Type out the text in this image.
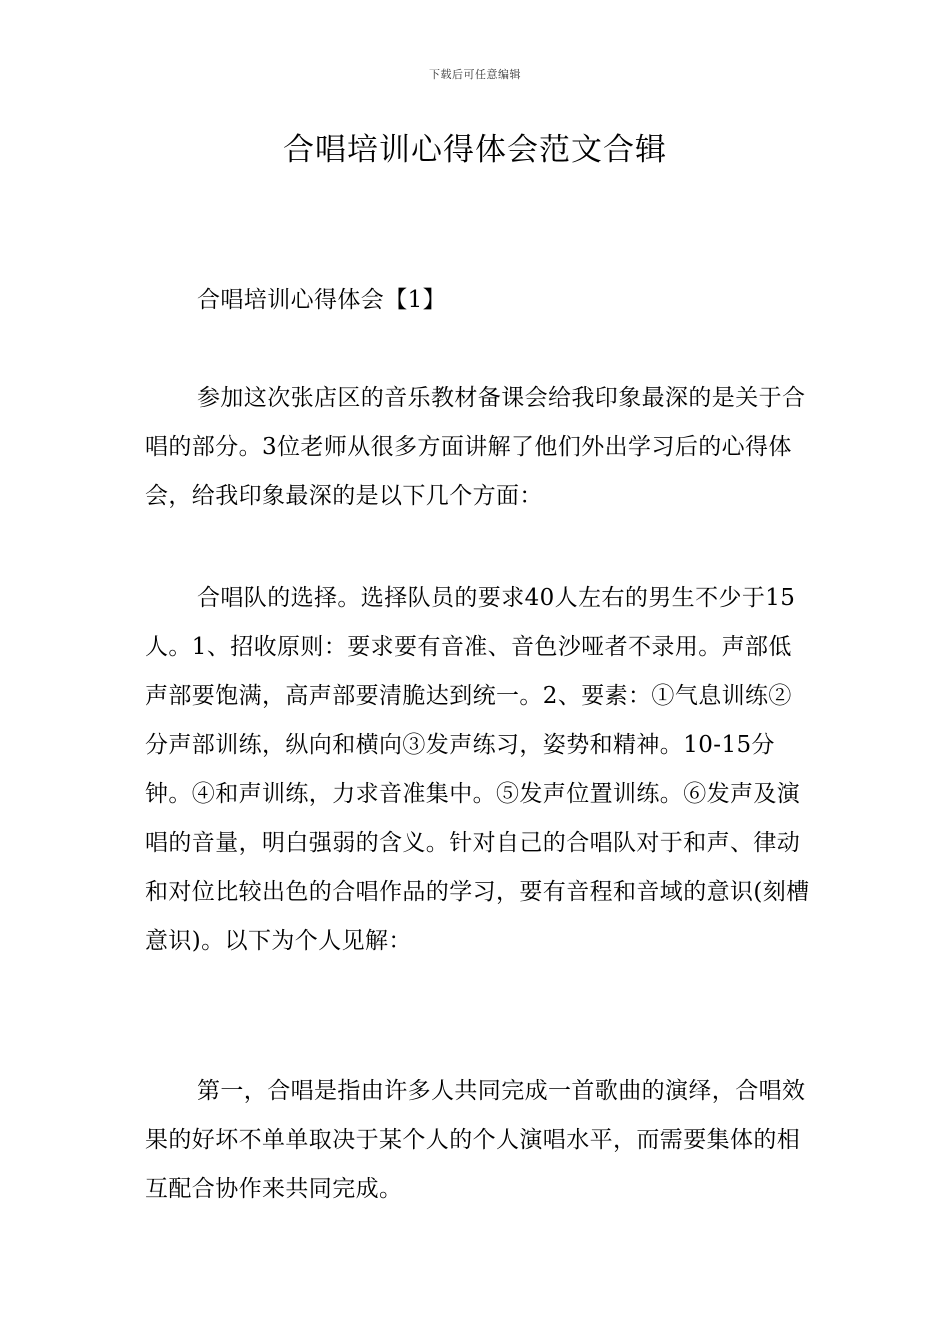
下载后可任意编辑
合唱培训心得体会范文合辑

合唱培训心得体会【1】

参加这次张店区的音乐教材备课会给我印象最深的是关于合唱的部分。3位老师从很多方面讲解了他们外出学习后的心得体会，给我印象最深的是以下几个方面：

合唱队的选择。选择队员的要求40人左右的男生不少于15人。1、招收原则：要求要有音准、音色沙哑者不录用。声部低声部要饱满，高声部要清脆达到统一。2、要素：①气息训练②分声部训练，纵向和横向③发声练习，姿势和精神。10-15分钟。④和声训练，力求音准集中。⑤发声位置训练。⑥发声及演唱的音量，明白强弱的含义。针对自己的合唱队对于和声、律动和对位比较出色的合唱作品的学习，要有音程和音域的意识(刻槽意识)。以下为个人见解：

第一，合唱是指由许多人共同完成一首歌曲的演绎，合唱效果的好坏不单单取决于某个人的个人演唱水平，而需要集体的相互配合协作来共同完成。
